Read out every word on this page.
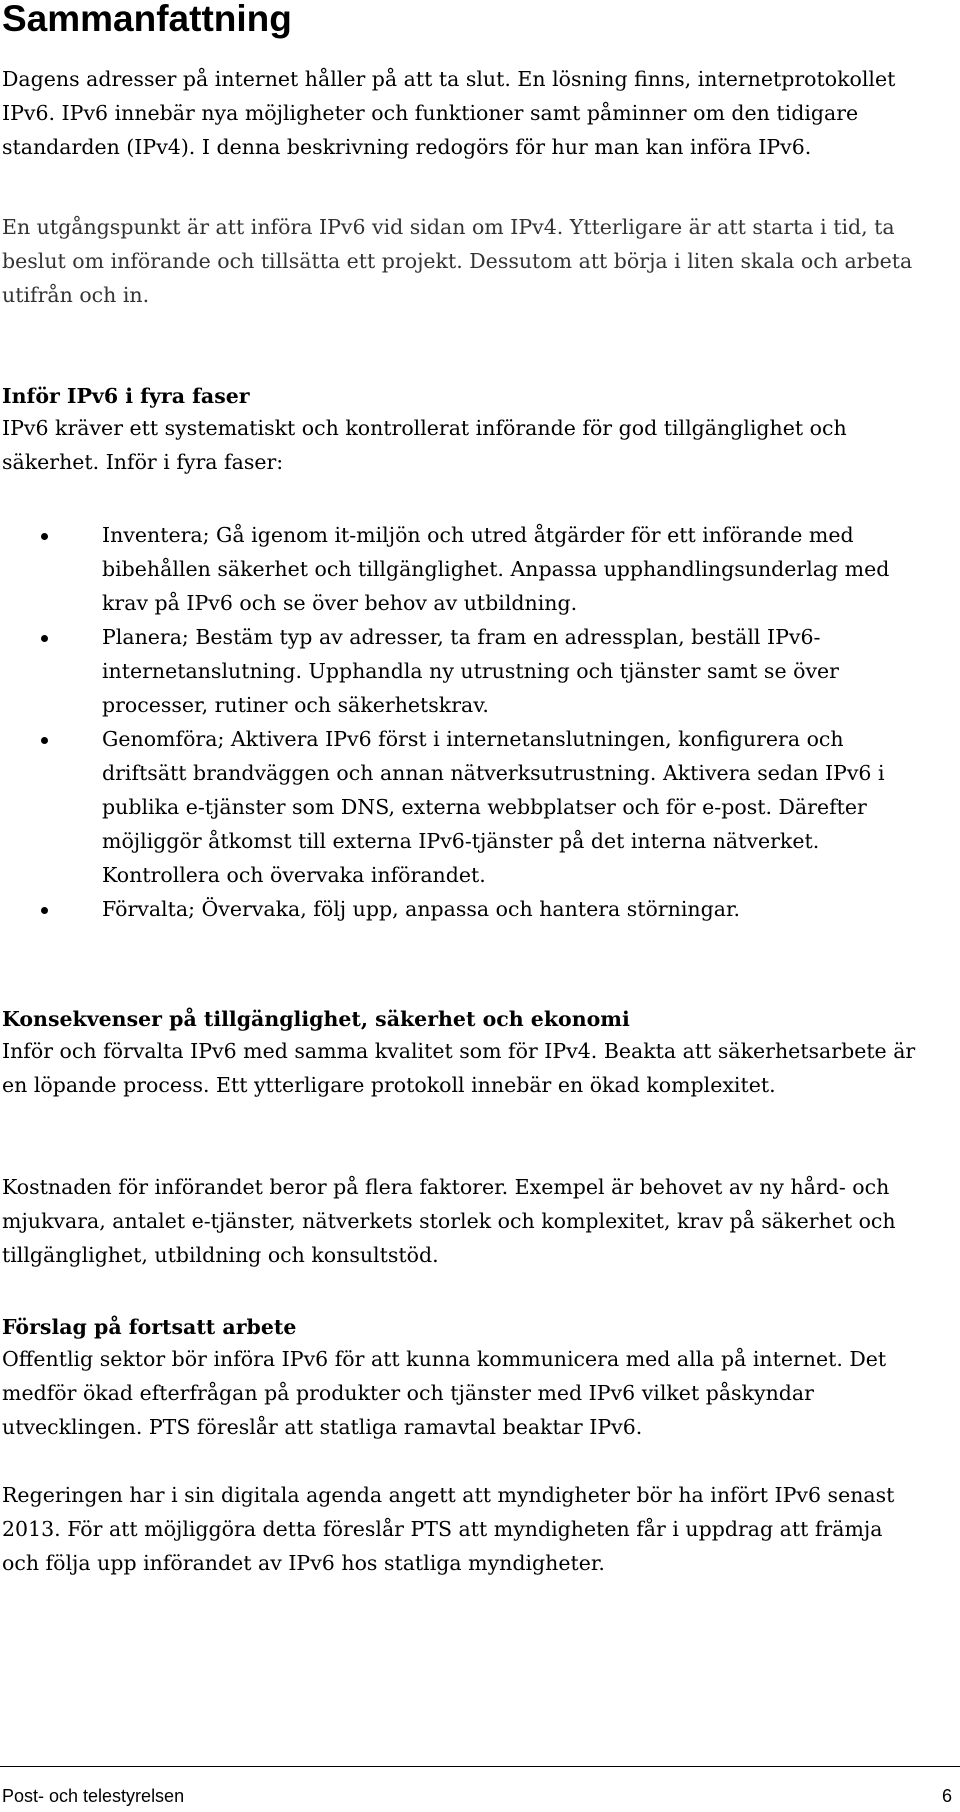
Sammanfattning

Dagens adresser på internet håller på att ta slut. En lösning finns, internetprotokollet IPv6. IPv6 innebär nya möjligheter och funktioner samt påminner om den tidigare standarden (IPv4). I denna beskrivning redogörs för hur man kan införa IPv6.

En utgångspunkt är att införa IPv6 vid sidan om IPv4. Ytterligare är att starta i tid, ta beslut om införande och tillsätta ett projekt. Dessutom att börja i liten skala och arbeta utifrån och in.

Inför IPv6 i fyra faser

IPv6 kräver ett systematiskt och kontrollerat införande för god tillgänglighet och säkerhet. Inför i fyra faser:

Inventera; Gå igenom it-miljön och utred åtgärder för ett införande med bibehållen säkerhet och tillgänglighet. Anpassa upphandlingsunderlag med krav på IPv6 och se över behov av utbildning.
Planera; Bestäm typ av adresser, ta fram en adressplan, beställ IPv6-internetanslutning. Upphandla ny utrustning och tjänster samt se över processer, rutiner och säkerhetskrav.
Genomföra; Aktivera IPv6 först i internetanslutningen, konfigurera och driftsätt brandväggen och annan nätverksutrustning. Aktivera sedan IPv6 i publika e-tjänster som DNS, externa webbplatser och för e-post. Därefter möjliggör åtkomst till externa IPv6-tjänster på det interna nätverket. Kontrollera och övervaka införandet.
Förvalta; Övervaka, följ upp, anpassa och hantera störningar.
Konsekvenser på tillgänglighet, säkerhet och ekonomi

Inför och förvalta IPv6 med samma kvalitet som för IPv4. Beakta att säkerhetsarbete är en löpande process. Ett ytterligare protokoll innebär en ökad komplexitet.

Kostnaden för införandet beror på flera faktorer. Exempel är behovet av ny hård- och mjukvara, antalet e-tjänster, nätverkets storlek och komplexitet, krav på säkerhet och tillgänglighet, utbildning och konsultstöd.

Förslag på fortsatt arbete

Offentlig sektor bör införa IPv6 för att kunna kommunicera med alla på internet. Det medför ökad efterfrågan på produkter och tjänster med IPv6 vilket påskyndar utvecklingen. PTS föreslår att statliga ramavtal beaktar IPv6.

Regeringen har i sin digitala agenda angett att myndigheter bör ha infört IPv6 senast 2013. För att möjliggöra detta föreslår PTS att myndigheten får i uppdrag att främja och följa upp införandet av IPv6 hos statliga myndigheter.

Post- och telestyrelsen	6
